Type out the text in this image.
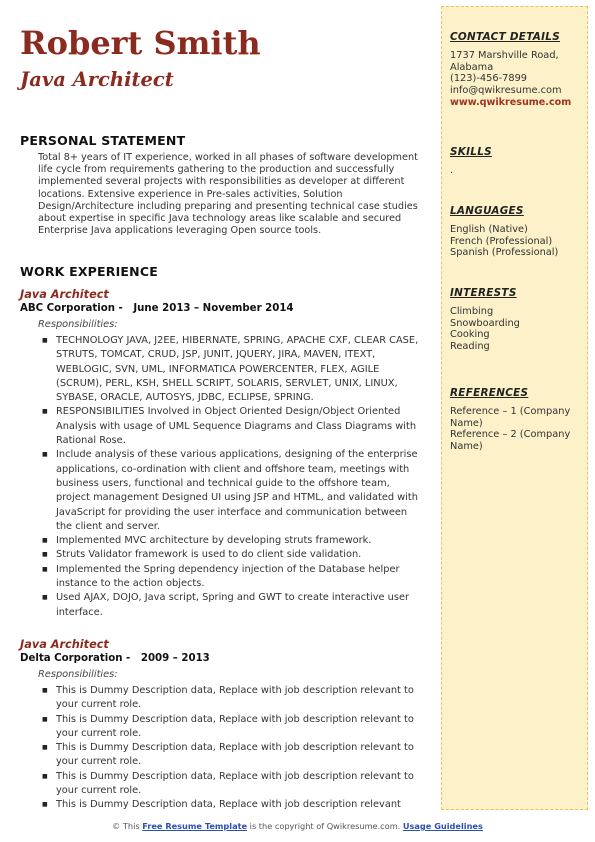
Robert Smith
Java Architect
PERSONAL STATEMENT
Total 8+ years of IT experience, worked in all phases of software development life cycle from requirements gathering to the production and successfully implemented several projects with responsibilities as developer at different locations. Extensive experience in Pre-sales activities, Solution Design/Architecture including preparing and presenting technical case studies about expertise in specific Java technology areas like scalable and secured Enterprise Java applications leveraging Open source tools.
WORK EXPERIENCE
Java Architect
ABC Corporation -   June 2013 – November 2014
Responsibilities:
■ TECHNOLOGY JAVA, J2EE, HIBERNATE, SPRING, APACHE CXF, CLEAR CASE, STRUTS, TOMCAT, CRUD, JSP, JUNIT, JQUERY, JIRA, MAVEN, ITEXT, WEBLOGIC, SVN, UML, INFORMATICA POWERCENTER, FLEX, AGILE (SCRUM), PERL, KSH, SHELL SCRIPT, SOLARIS, SERVLET, UNIX, LINUX, SYBASE, ORACLE, AUTOSYS, JDBC, ECLIPSE, SPRING.
■ RESPONSIBILITIES Involved in Object Oriented Design/Object Oriented Analysis with usage of UML Sequence Diagrams and Class Diagrams with Rational Rose.
■ Include analysis of these various applications, designing of the enterprise applications, co-ordination with client and offshore team, meetings with business users, functional and technical guide to the offshore team, project management Designed UI using JSP and HTML, and validated with JavaScript for providing the user interface and communication between the client and server.
■ Implemented MVC architecture by developing struts framework.
■ Struts Validator framework is used to do client side validation.
■ Implemented the Spring dependency injection of the Database helper instance to the action objects.
■ Used AJAX, DOJO, Java script, Spring and GWT to create interactive user interface.
Java Architect
Delta Corporation -   2009 – 2013
Responsibilities:
■ This is Dummy Description data, Replace with job description relevant to your current role.
■ This is Dummy Description data, Replace with job description relevant to your current role.
■ This is Dummy Description data, Replace with job description relevant to your current role.
■ This is Dummy Description data, Replace with job description relevant to your current role.
■ This is Dummy Description data, Replace with job description relevant
CONTACT DETAILS
1737 Marshville Road,
Alabama
(123)-456-7899
info@qwikresume.com
www.qwikresume.com
SKILLS
.
LANGUAGES
English (Native)
French (Professional)
Spanish (Professional)
INTERESTS
Climbing
Snowboarding
Cooking
Reading
REFERENCES
Reference – 1 (Company Name)
Reference – 2 (Company Name)
© This Free Resume Template is the copyright of Qwikresume.com. Usage Guidelines
